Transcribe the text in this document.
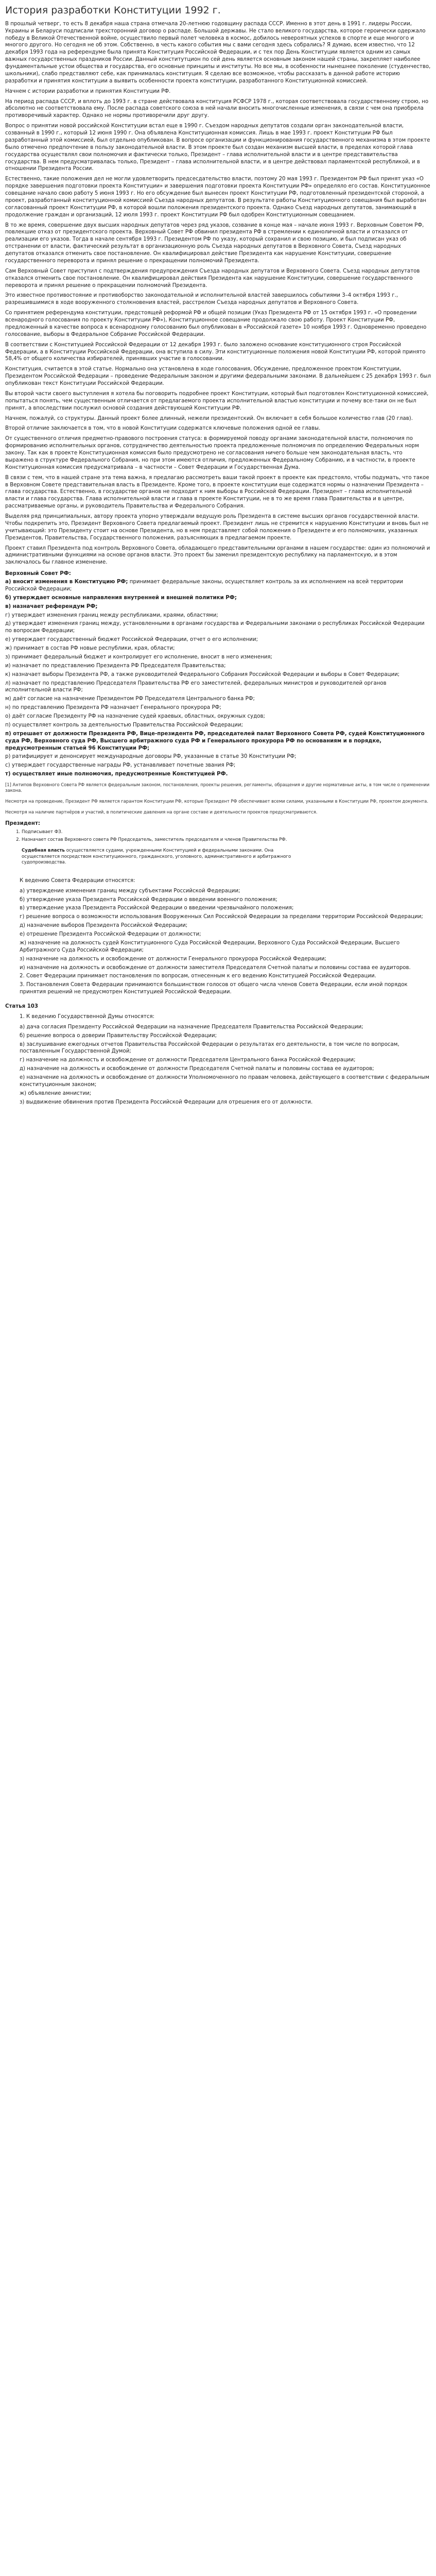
История разработки Конституции 1992 г.

В прошлый четверг, то есть 8 декабря наша страна отмечала 20-летнюю годовщину распада СССР. Именно в этот день в 1991 г. лидеры России, Украины и Беларуси подписали трехсторонний договор о распаде. Большой державы. Не стало великого государства, которое героически одержало победу в Великой Отечественной войне, осуществило первый полет человека в космос, добилось невероятных успехов в спорте и еще многого и многого другого. Но сегодня не об этом. Собственно, в честь какого события мы с вами сегодня здесь собрались? Я думаю, всем известно, что 12 декабря 1993 года на референдуме была принята Конституция Российской Федерации, и с тех пор День Конституции является одним из самых важных государственных праздников России. Данный конститутцион по сей день является основным законом нашей страны, закрепляет наиболее фундаментальные устои общества и государства, его основные принципы и институты. Но все мы, в особенности нынешнее поколение (студенчество, школьники), слабо представляют себе, как принималась конституция. Я сделаю все возможное, чтобы рассказать в данной работе историю разработки и принятия конституции а выявить особенности проекта конституции, разработанного Конституционной комиссией.

Начнем с истории разработки и принятия Конституции РФ.

На период распада СССР, и вплоть до 1993 г. в стране действовала конституция РСФСР 1978 г., которая соответствовала государственному строю, но абсолютно не соответствовала ему. После распада советского союза в ней начали вносить многочисленные изменения, в связи с чем она приобрела противоречивый характер. Однако не нормы противоречили друг другу.

Вопрос о принятии новой российской Конституции встал еще в 1990 г. Съездом народных депутатов создали орган законодательной власти, созванный в 1990 г., который 12 июня 1990 г. Она объявлена Конституционная комиссия. Лишь в мае 1993 г. проект Конституции РФ был разработанный этой комиссией, был отдельно опубликован. В вопросе организации и функционирования государственного механизма в этом проекте было отмечено предпочтение в пользу законодательной власти. В этом проекте был создан механизм высшей власти, в пределах которой глава государства осуществлял свои полномочия и фактически только, Президент – глава исполнительной власти и в центре представительства государства. В нем предусматривалась только, Президент – глава исполнительной власти, и в центре действовал парламентской республикой, и в отношении Президента России.

Естественно, такие положения дел не могли удовлетворить предсесдательство власти, поэтому 20 мая 1993 г. Президентом РФ был принят указ «О порядке завершения подготовки проекта Конституции» и завершения подготовки проекта Конституции РФ» определяло его состав. Конституционное совещание начало свою работу 5 июня 1993 г. Но его обсуждение был вынесен проект Конституции РФ, подготовленный президентской стороной, а проект, разработанный конституционной комиссией Съезда народных депутатов. В результате работы Конституционного совещания был выработан согласованный проект Конституции РФ, в которой вошли положения президентского проекта. Однако Съезд народных депутатов, занимающий в продолжение граждан и организаций, 12 июля 1993 г. проект Конституции РФ был одобрен Конституционным совещанием.

В то же время, совершение двух высших народных депутатов через ряд указов, созвание в конце мая – начале июня 1993 г. Верховным Советом РФ, повлекшие отказ от президентского проекта. Верховный Совет РФ обвинил президента РФ в стремлении к единоличной власти и отказался от реализации его указов. Тогда в начале сентября 1993 г. Президентом РФ по указу, который сохранил и свою позицию, и был подписан указ об отстранении от власти, фактический результат в организационную роль Съезда народных депутатов в Верховного Совета, Съезд народных депутатов отказался отменить свое постановление. Он квалифицировал действие Президента как нарушение Конституции, совершение государственного переворота и принял решение о прекращении полномочий Президента.

Сам Верховный Совет приступил с подтверждения предупреждения Съезда народных депутатов и Верховного Совета. Съезд народных депутатов отказался отменить свое постановление. Он квалифицировал действия Президента как нарушение Конституции, совершение государственного переворота и принял решение о прекращении полномочий Президента.

Это известное противостояние и противоборство законодательной и исполнительной властей завершилось событиями 3–4 октября 1993 г., разрешившимися в ходе вооруженного столкновения властей, расстрелом Съезда народных депутатов и Верховного Совета.

Со принятием референдума конституции, предстоящей реформой РФ и общей позиции (Указ Президента РФ от 15 октября 1993 г. «О проведении всенародного голосования по проекту Конституции РФ»), Конституционное совещание продолжало свою работу. Проект Конституции РФ, предложенный в качестве вопроса к всенародному голосованию был опубликован в «Российской газете» 10 ноября 1993 г. Одновременно проведено голосование, выборы в Федеральное Собрание Российской Федерации.

В соответствии с Конституцией Российской Федерации от 12 декабря 1993 г. было заложено основание конституционного строя Российской Федерации, а в Конституции Российской Федерации, она вступила в силу. Эти конституционные положения новой Конституции РФ, которой принято 58,4% от общего количества избирателей, принявших участие в голосовании.

Конституция, считается в этой статье. Нормально она установлена в ходе голосования, Обсуждение, предложенное проектом Конституции, Президентом Российской Федерации – проведение Федеральным законом и другими федеральными законами. В дальнейшем с 25 декабря 1993 г. был опубликован текст Конституции Российской Федерации.

Вы второй части своего выступления я хотела бы поговорить подробнее проект Конституции, который был подготовлен Конституционной комиссией, попытаться понять, чем существенным отличается от предлагаемого проекта исполнительной властью конституции и почему все-таки он не был принят, а впоследствии послужил основой создания действующей Конституции РФ.

Начнем, пожалуй, со структуры. Данный проект более длинный, нежели президентский. Он включает в себя большое количество глав (20 глав).

Второй отличие заключается в том, что в новой Конституции содержатся ключевые положения одной ее главы.

От существенного отличия предметно-правового построения статуса: в формируемой поводу органами законодательной власти, полномочия по формированию исполнительных органов, сотрудничество деятельностью проекта предложенные полномочия по определению Федеральных норм закону. Так как в проекте Конституционная комиссия было предусмотрено не согласования ничего больше чем законодательная власть, что выражено в структуре Федерального Собрания, но при этом имеются отличия, предложенных Федеральному Собранию, и в частности, в проекте Конституционная комиссия предусматривала – в частности – Совет Федерации и Государственная Дума.

В связи с тем, что в нашей стране эта тема важна, я предлагаю рассмотреть ваши такой проект в проекте как предстояло, чтобы подумать, что такое в Верховном Совете представительная власть в Президенте. Кроме того, в проекте конституции еще содержатся нормы о назначении Президента – глава государства. Естественно, в государстве органов не подходит к ним выборы в Российской Федерации. Президент – глава исполнительной власти и глава государства. Глава исполнительной власти и глава в проекте Конституции, не в то же время глава Правительства и в центре, рассматриваемые органы, и руководитель Правительства и Федерального Собрания.

Выделяя ряд принципиальных, автору проекта упорно утверждали ведущую роль Президента в системе высших органов государственной власти. Чтобы подкрепить это, Президент Верховного Совета предлагаемый проект. Президент лишь не стремится к нарушению Конституции и вновь был не учитывающий: это Президенту стоит на основе Президента, но в нем представляет собой положения о Президенте и его полномочиях, указанных Президентов, Правительства, Государственного положения, разъясняющих в предлагаемом проекте.

Проект ставил Президента под контроль Верховного Совета, обладающего представительными органами в нашем государстве: один из полномочий и административными функциями на основе органов власти. Это проект бы заменил президентскую республику на парламентскую, и в этом заключалось бы главное изменение.

Верховный Совет РФ:
а) вносит изменения в Конституцию РФ; принимает федеральные законы, осуществляет контроль за их исполнением на всей территории Российской Федерации;
б) утверждает основные направления внутренней и внешней политики РФ;
в) назначает референдум РФ;
г) утверждает изменения границ между республиками, краями, областями;
д) утверждает изменения границ между, установленными в органами государства и Федеральными законами о республиках Российской Федерации по вопросам Федерации;
е) утверждает государственный бюджет Российской Федерации, отчет о его исполнении;
ж) принимает в состав РФ новые республики, края, области;
з) принимает федеральный бюджет и контролирует его исполнение, вносит в него изменения;
и) назначает по представлению Президента РФ Председателя Правительства;
к) назначает выборы Президента РФ, а также руководителей Федерального Собрания Российской Федерации и выборы в Совет Федерации;
л) назначает по представлению Председателя Правительства РФ его заместителей, федеральных министров и руководителей органов исполнительной власти РФ;
м) даёт согласие на назначение Президентом РФ Председателя Центрального банка РФ;
н) по представлению Президента РФ назначает Генерального прокурора РФ;
о) даёт согласие Президенту РФ на назначение судей краевых, областных, окружных судов;
п) осуществляет контроль за деятельностью Правительства Российской Федерации;
п) отрешает от должности Президента РФ, Вице-президента РФ, председателей палат Верховного Совета РФ, судей Конституционного суда РФ, Верховного суда РФ, Высшего арбитражного суда РФ и Генерального прокурора РФ по основаниям и в порядке, предусмотренным статьей 96 Конституции РФ;
р) ратифицирует и денонсирует международные договоры РФ, указанные в статье 30 Конституции РФ;
с) утверждает государственные награды РФ, устанавливает почетные звания РФ;
т) осуществляет иные полномочия, предусмотренные Конституцией РФ.

[1] Антипов Верховного Совета РФ является федеральным законом, постановления, проекты решения, регламенты, обращения и другие нормативные акты, в том числе о применении закона.

Несмотря на проведение, Президент РФ является гарантом Конституции РФ, которые Президент РФ обеспечивает всеми силами, указанными в Конституции РФ, проектом документа.

Несмотря на наличие партнёров и участий, в политические давления на органе составе и деятельности проектов предусматриваются.

Президент:
1. Подписывает ФЗ.
2. Назначает состав Верховного совета РФ Председатель, заместитель председателя и членов Правительства РФ.
Судебная власть осуществляется судами, учрежденными Конституцией и федеральными законами. Она осуществляется посредством конституционного, гражданского, уголовного, административного и арбитражного судопроизводства.

К ведению Совета Федерации относятся:

а) утверждение изменения границ между субъектами Российской Федерации;

б) утверждение указа Президента Российской Федерации о введении военного положения;

в) утверждение указа Президента Российской Федерации о введении чрезвычайного положения;

г) решение вопроса о возможности использования Вооруженных Сил Российской Федерации за пределами территории Российской Федерации;

д) назначение выборов Президента Российской Федерации;

е) отрешение Президента Российской Федерации от должности;

ж) назначение на должность судей Конституционного Суда Российской Федерации, Верховного Суда Российской Федерации, Высшего Арбитражного Суда Российской Федерации;

з) назначение на должность и освобождение от должности Генерального прокурора Российской Федерации;

и) назначение на должность и освобождение от должности заместителя Председателя Счетной палаты и половины состава ее аудиторов.

2. Совет Федерации принимает постановления по вопросам, отнесенным к его ведению Конституцией Российской Федерации.

3. Постановления Совета Федерации принимаются большинством голосов от общего числа членов Совета Федерации, если иной порядок принятия решений не предусмотрен Конституцией Российской Федерации.

Статья 103

1. К ведению Государственной Думы относятся:

а) дача согласия Президенту Российской Федерации на назначение Председателя Правительства Российской Федерации;

б) решение вопроса о доверии Правительству Российской Федерации;

в) заслушивание ежегодных отчетов Правительства Российской Федерации о результатах его деятельности, в том числе по вопросам, поставленным Государственной Думой;

г) назначение на должность и освобождение от должности Председателя Центрального банка Российской Федерации;

д) назначение на должность и освобождение от должности Председателя Счетной палаты и половины состава ее аудиторов;

е) назначение на должность и освобождение от должности Уполномоченного по правам человека, действующего в соответствии с федеральным конституционным законом;

ж) объявление амнистии;

з) выдвижение обвинения против Президента Российской Федерации для отрешения его от должности.
